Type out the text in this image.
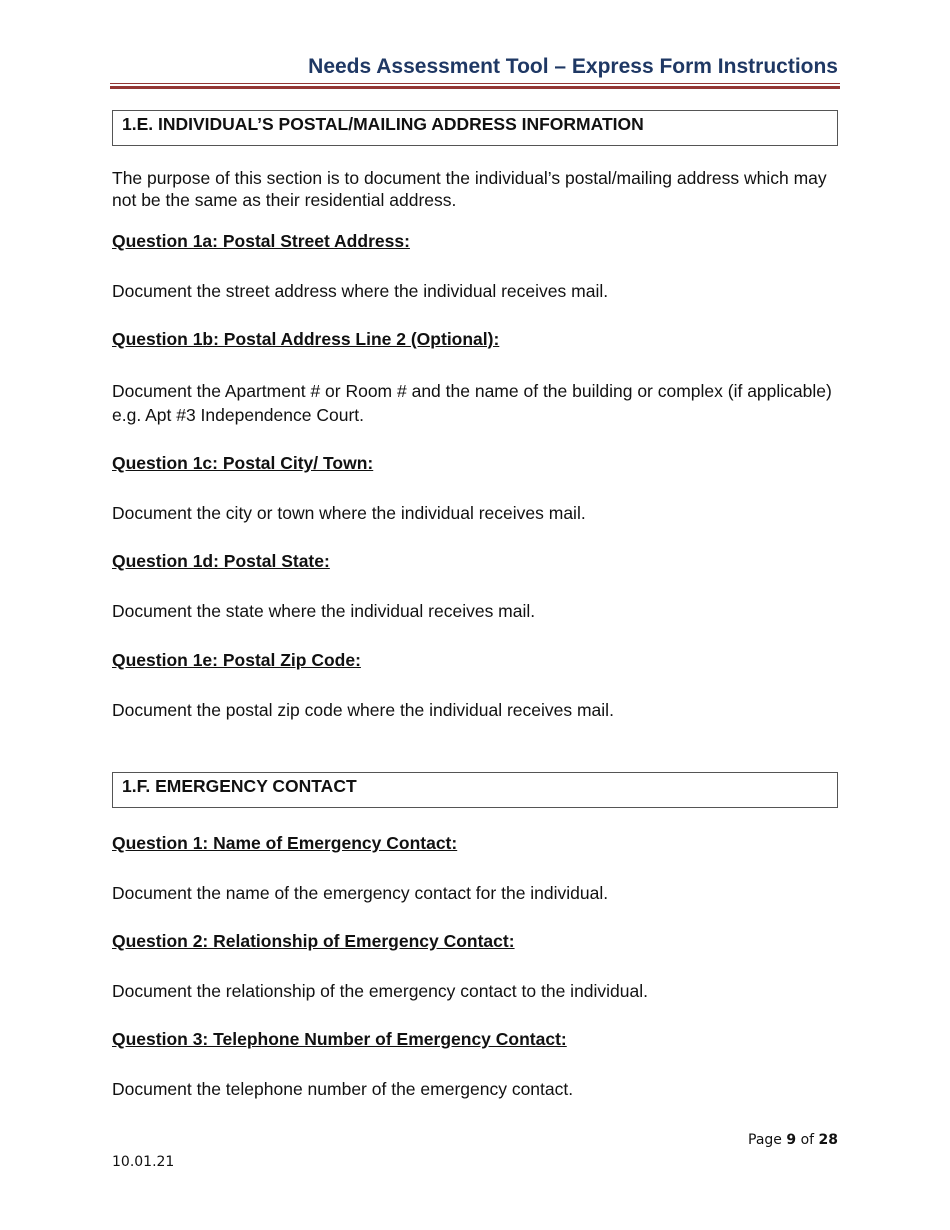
Needs Assessment Tool – Express Form Instructions
1.E. INDIVIDUAL’S POSTAL/MAILING ADDRESS INFORMATION
The purpose of this section is to document the individual’s postal/mailing address which may not be the same as their residential address.
Question 1a: Postal Street Address:
Document the street address where the individual receives mail.
Question 1b: Postal Address Line 2 (Optional):
Document the Apartment # or Room # and the name of the building or complex (if applicable) e.g. Apt #3 Independence Court.
Question 1c: Postal City/ Town:
Document the city or town where the individual receives mail.
Question 1d: Postal State:
Document the state where the individual receives mail.
Question 1e: Postal Zip Code:
Document the postal zip code where the individual receives mail.
1.F. EMERGENCY CONTACT
Question 1: Name of Emergency Contact:
Document the name of the emergency contact for the individual.
Question 2: Relationship of Emergency Contact:
Document the relationship of the emergency contact to the individual.
Question 3: Telephone Number of Emergency Contact:
Document the telephone number of the emergency contact.
Page 9 of 28
10.01.21
